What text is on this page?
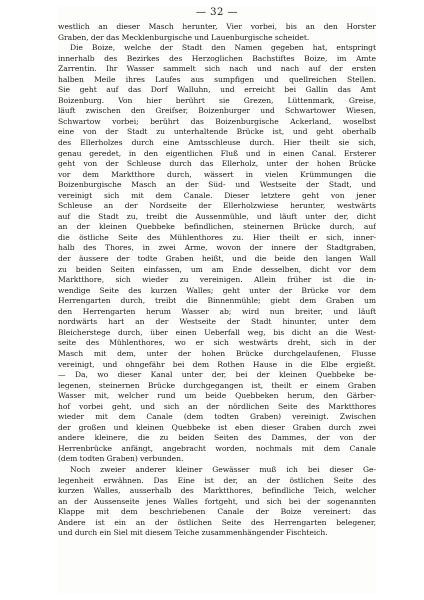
— 32 —
westlich an dieser Masch herunter, Vier vorbei, bis an den Horster
Graben, der das Mecklenburgische und Lauenburgische scheidet.
Die Boize, welche der Stadt den Namen gegeben hat, entspringt
innerhalb des Bezirkes des Herzoglichen Bachstiftes Boize, im Amte
Zarrentin. Ihr Wasser sammelt sich nach und nach auf der ersten
halben Meile ihres Laufes aus sumpfigen und quellreichen Stellen.
Sie geht auf das Dorf Walluhn, und erreicht bei Gallin das Amt
Boizenburg. Von hier berührt sie Grezen, Lüttenmark, Greise,
läuft zwischen den Greifser, Boizenburger und Schwartower Wiesen,
Schwartow vorbei; berührt das Boizenburgische Ackerland, woselbst
eine von der Stadt zu unterhaltende Brücke ist, und geht oberhalb
des Ellerholzes durch eine Amtsschleuse durch. Hier theilt sie sich,
genau geredet, in den eigentlichen Fluß und in einen Canal. Ersterer
geht von der Schleuse durch das Ellerholz, unter der hohen Brücke
vor dem Marktthore durch, wässert in vielen Krümmungen die
Boizenburgische Masch an der Süd- und Westseite der Stadt, und
vereinigt sich mit dem Canale. Dieser letztere geht von jener
Schleuse an der Nordseite der Ellerholzwiese herunter, westwärts
auf die Stadt zu, treibt die Aussenmühle, und läuft unter der, dicht
an der kleinen Quebbeke befindlichen, steinernen Brücke durch, auf
die östliche Seite des Mühlenthores zu. Hier theilt er sich, inner-
halb des Thores, in zwei Arme, wovon der innere der Stadtgraben,
der äussere der todte Graben heißt, und die beide den langen Wall
zu beiden Seiten einfassen, um am Ende desselben, dicht vor dem
Marktthore, sich wieder zu vereinigen. Allein früher ist die in-
wendige Seite des kurzen Walles; geht unter der Brücke vor dem
Herrengarten durch, treibt die Binnenmühle; giebt dem Graben um
den Herrengarten herum Wasser ab; wird nun breiter, und läuft
nordwärts hart an der Westseite der Stadt hinunter, unter dem
Bleicherstege durch, über einen Ueberfall weg, bis dicht an die West-
seite des Mühlenthores, wo er sich westwärts dreht, sich in der
Masch mit dem, unter der hohen Brücke durchgelaufenen, Flusse
vereinigt, und ohngefähr bei dem Rothen Hause in die Elbe ergießt.
— Da, wo dieser Kanal unter der, bei der kleinen Quebbeke be-
legenen, steinernen Brücke durchgegangen ist, theilt er einem Graben
Wasser mit, welcher rund um beide Quebbeken herum, den Gärber-
hof vorbei geht, und sich an der nördlichen Seite des Marktthores
wieder mit dem Canale (dem todten Graben) vereinigt. Zwischen
der großen und kleinen Quebbeke ist eben dieser Graben durch zwei
andere kleinere, die zu beiden Seiten des Dammes, der von der
Herrenbrücke anfängt, angebracht worden, nochmals mit dem Canale
(dem todten Graben) verbunden.
Noch zweier anderer kleiner Gewässer muß ich bei dieser Ge-
legenheit erwähnen. Das Eine ist der, an der östlichen Seite des
kurzen Walles, ausserhalb des Marktthores, befindliche Teich, welcher
an der Aussenseite jenes Walles fortgeht, und sich bei der sogenannten
Klappe mit dem beschriebenen Canale der Boize vereinert: das
Andere ist ein an der östlichen Seite des Herrengarten belegener,
und durch ein Siel mit diesem Teiche zusammenhängender Fischteich.
